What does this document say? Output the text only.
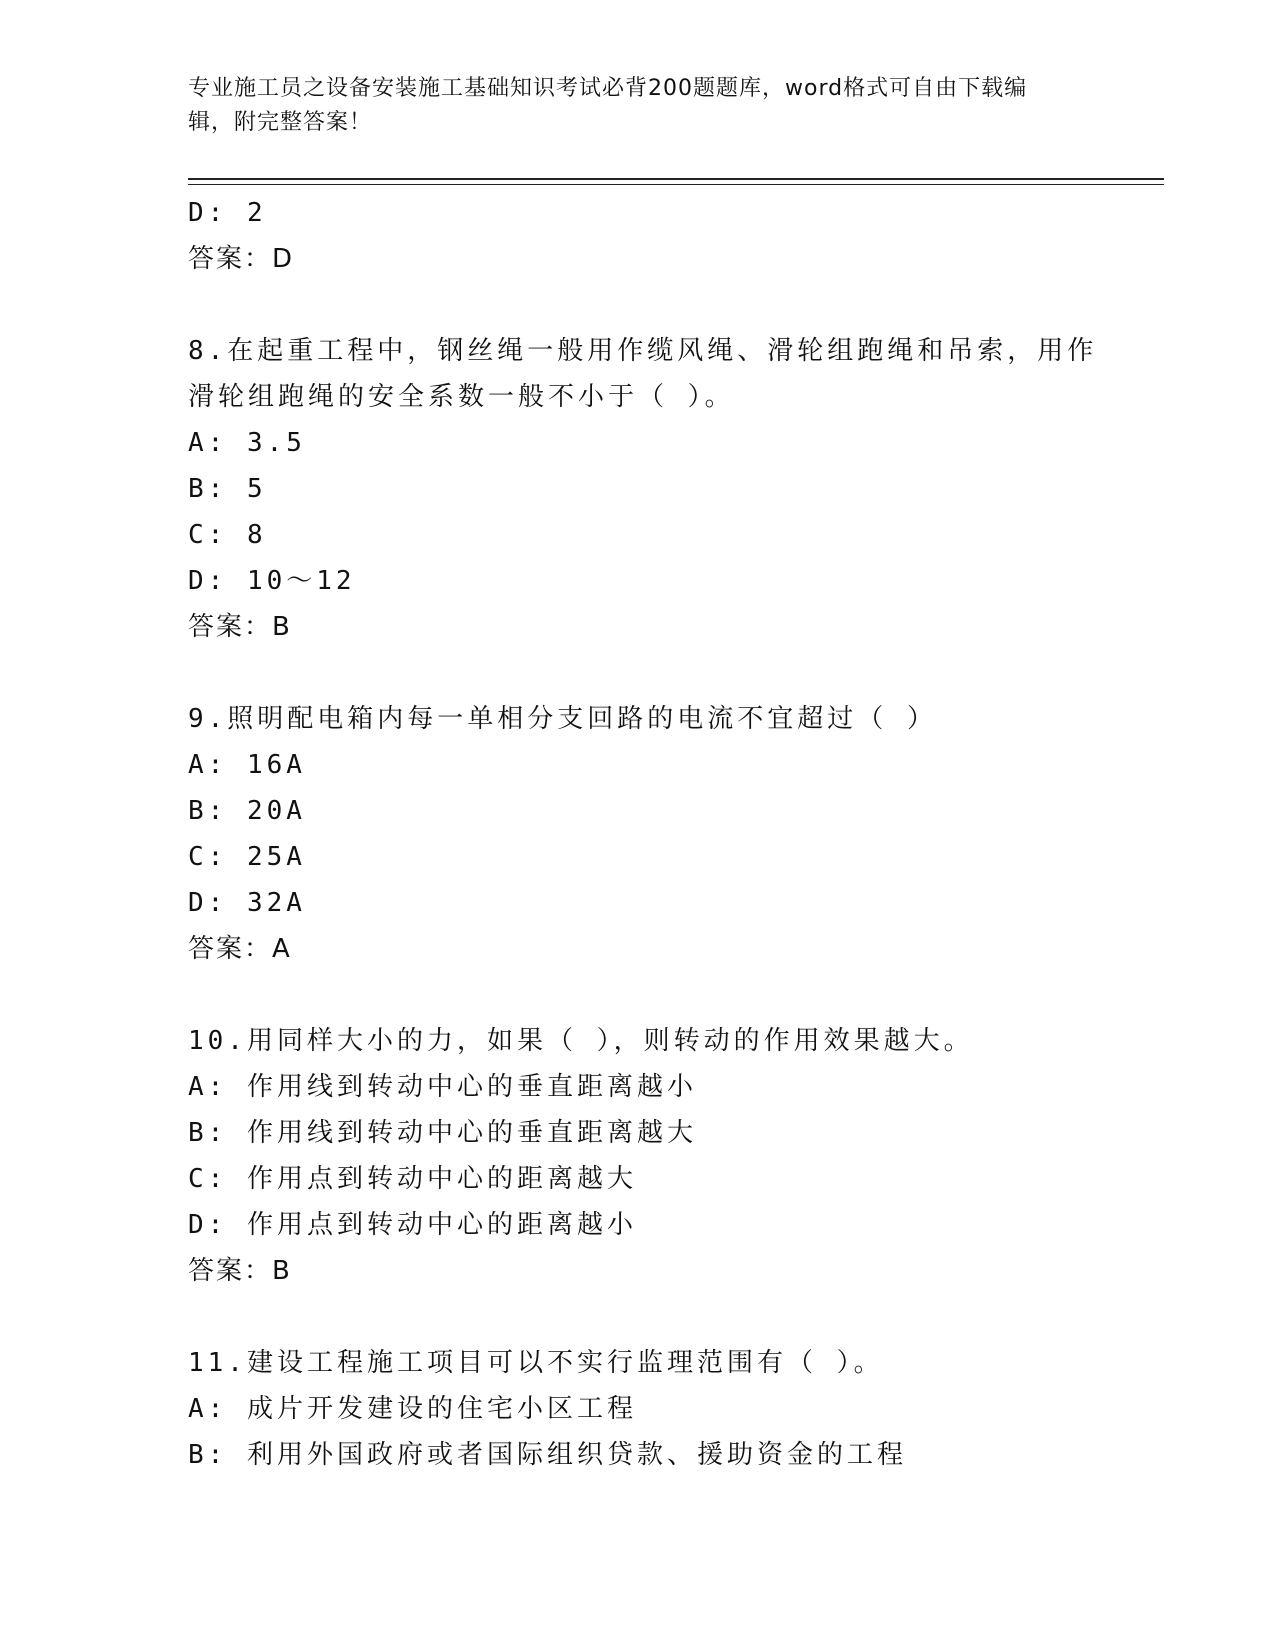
专业施工员之设备安装施工基础知识考试必背200题题库，word格式可自由下载编辑，附完整答案！
D: 2
答案：D
8.在起重工程中，钢丝绳一般用作缆风绳、滑轮组跑绳和吊索，用作
滑轮组跑绳的安全系数一般不小于（ ）。
A: 3.5
B: 5
C: 8
D: 10～12
答案：B
9.照明配电箱内每一单相分支回路的电流不宜超过（ ）
A: 16A
B: 20A
C: 25A
D: 32A
答案：A
10.用同样大小的力，如果（ ），则转动的作用效果越大。
A: 作用线到转动中心的垂直距离越小
B: 作用线到转动中心的垂直距离越大
C: 作用点到转动中心的距离越大
D: 作用点到转动中心的距离越小
答案：B
11.建设工程施工项目可以不实行监理范围有（ ）。
A: 成片开发建设的住宅小区工程
B: 利用外国政府或者国际组织贷款、援助资金的工程
